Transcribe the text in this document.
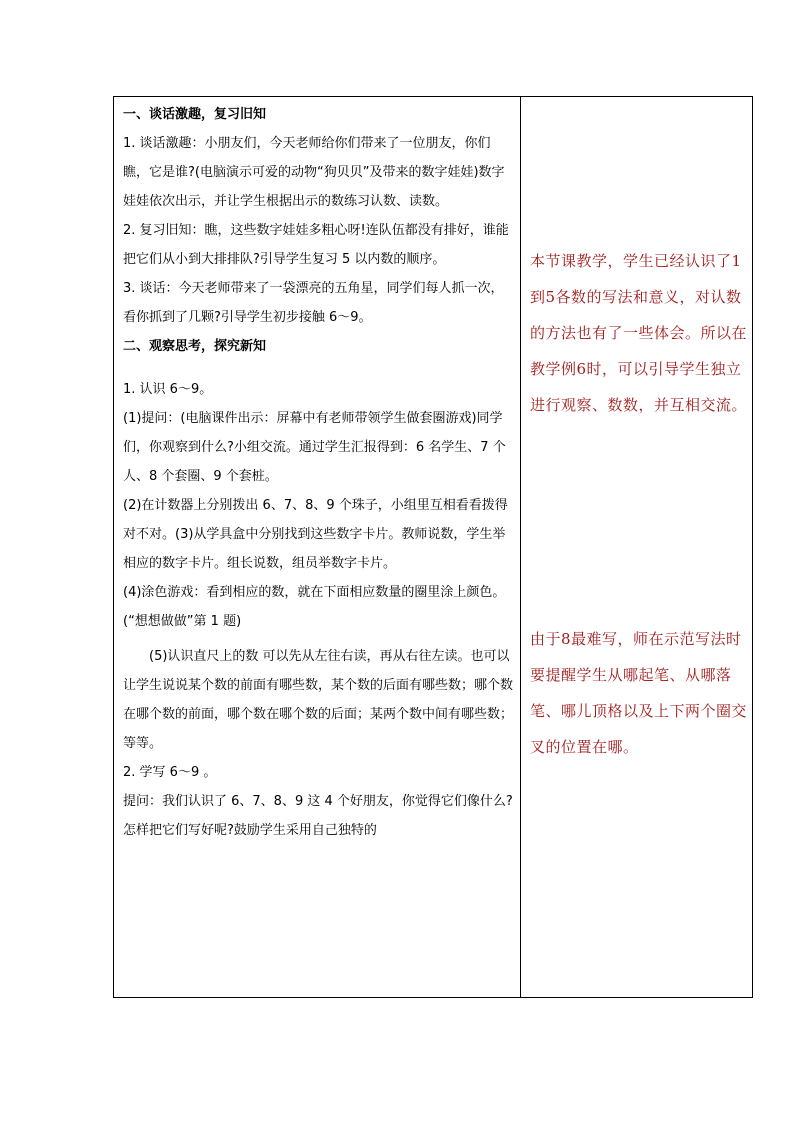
一、谈话激趣，复习旧知

1. 谈话激趣：小朋友们，今天老师给你们带来了一位朋友，你们瞧，它是谁?(电脑演示可爱的动物“狗贝贝”及带来的数字娃娃)数字娃娃依次出示，并让学生根据出示的数练习认数、读数。

2. 复习旧知：瞧，这些数字娃娃多粗心呀!连队伍都没有排好，谁能把它们从小到大排排队?引导学生复习 5 以内数的顺序。

3. 谈话：今天老师带来了一袋漂亮的五角星，同学们每人抓一次，看你抓到了几颗?引导学生初步接触 6～9。

二、观察思考，探究新知

1. 认识 6～9。

(1)提问：(电脑课件出示：屏幕中有老师带领学生做套圈游戏)同学们，你观察到什么?小组交流。通过学生汇报得到：6 名学生、7 个人、8 个套圈、9 个套桩。

(2)在计数器上分别拨出 6、7、8、9 个珠子，小组里互相看看拨得对不对。(3)从学具盒中分别找到这些数字卡片。教师说数，学生举相应的数字卡片。组长说数，组员举数字卡片。

(4)涂色游戏：看到相应的数，就在下面相应数量的圈里涂上颜色。(“想想做做”第 1 题)

(5)认识直尺上的数 可以先从左往右读，再从右往左读。也可以让学生说说某个数的前面有哪些数，某个数的后面有哪些数；哪个数在哪个数的前面，哪个数在哪个数的后面；某两个数中间有哪些数；等等。

2. 学写 6～9 。

提问：我们认识了 6、7、8、9 这 4 个好朋友，你觉得它们像什么?怎样把它们写好呢?鼓励学生采用自己独特的

本节课教学，学生已经认识了1到5各数的写法和意义，对认数的方法也有了一些体会。所以在教学例6时，可以引导学生独立进行观察、数数，并互相交流。

由于8最难写，师在示范写法时要提醒学生从哪起笔、从哪落笔、哪儿顶格以及上下两个圈交叉的位置在哪。
